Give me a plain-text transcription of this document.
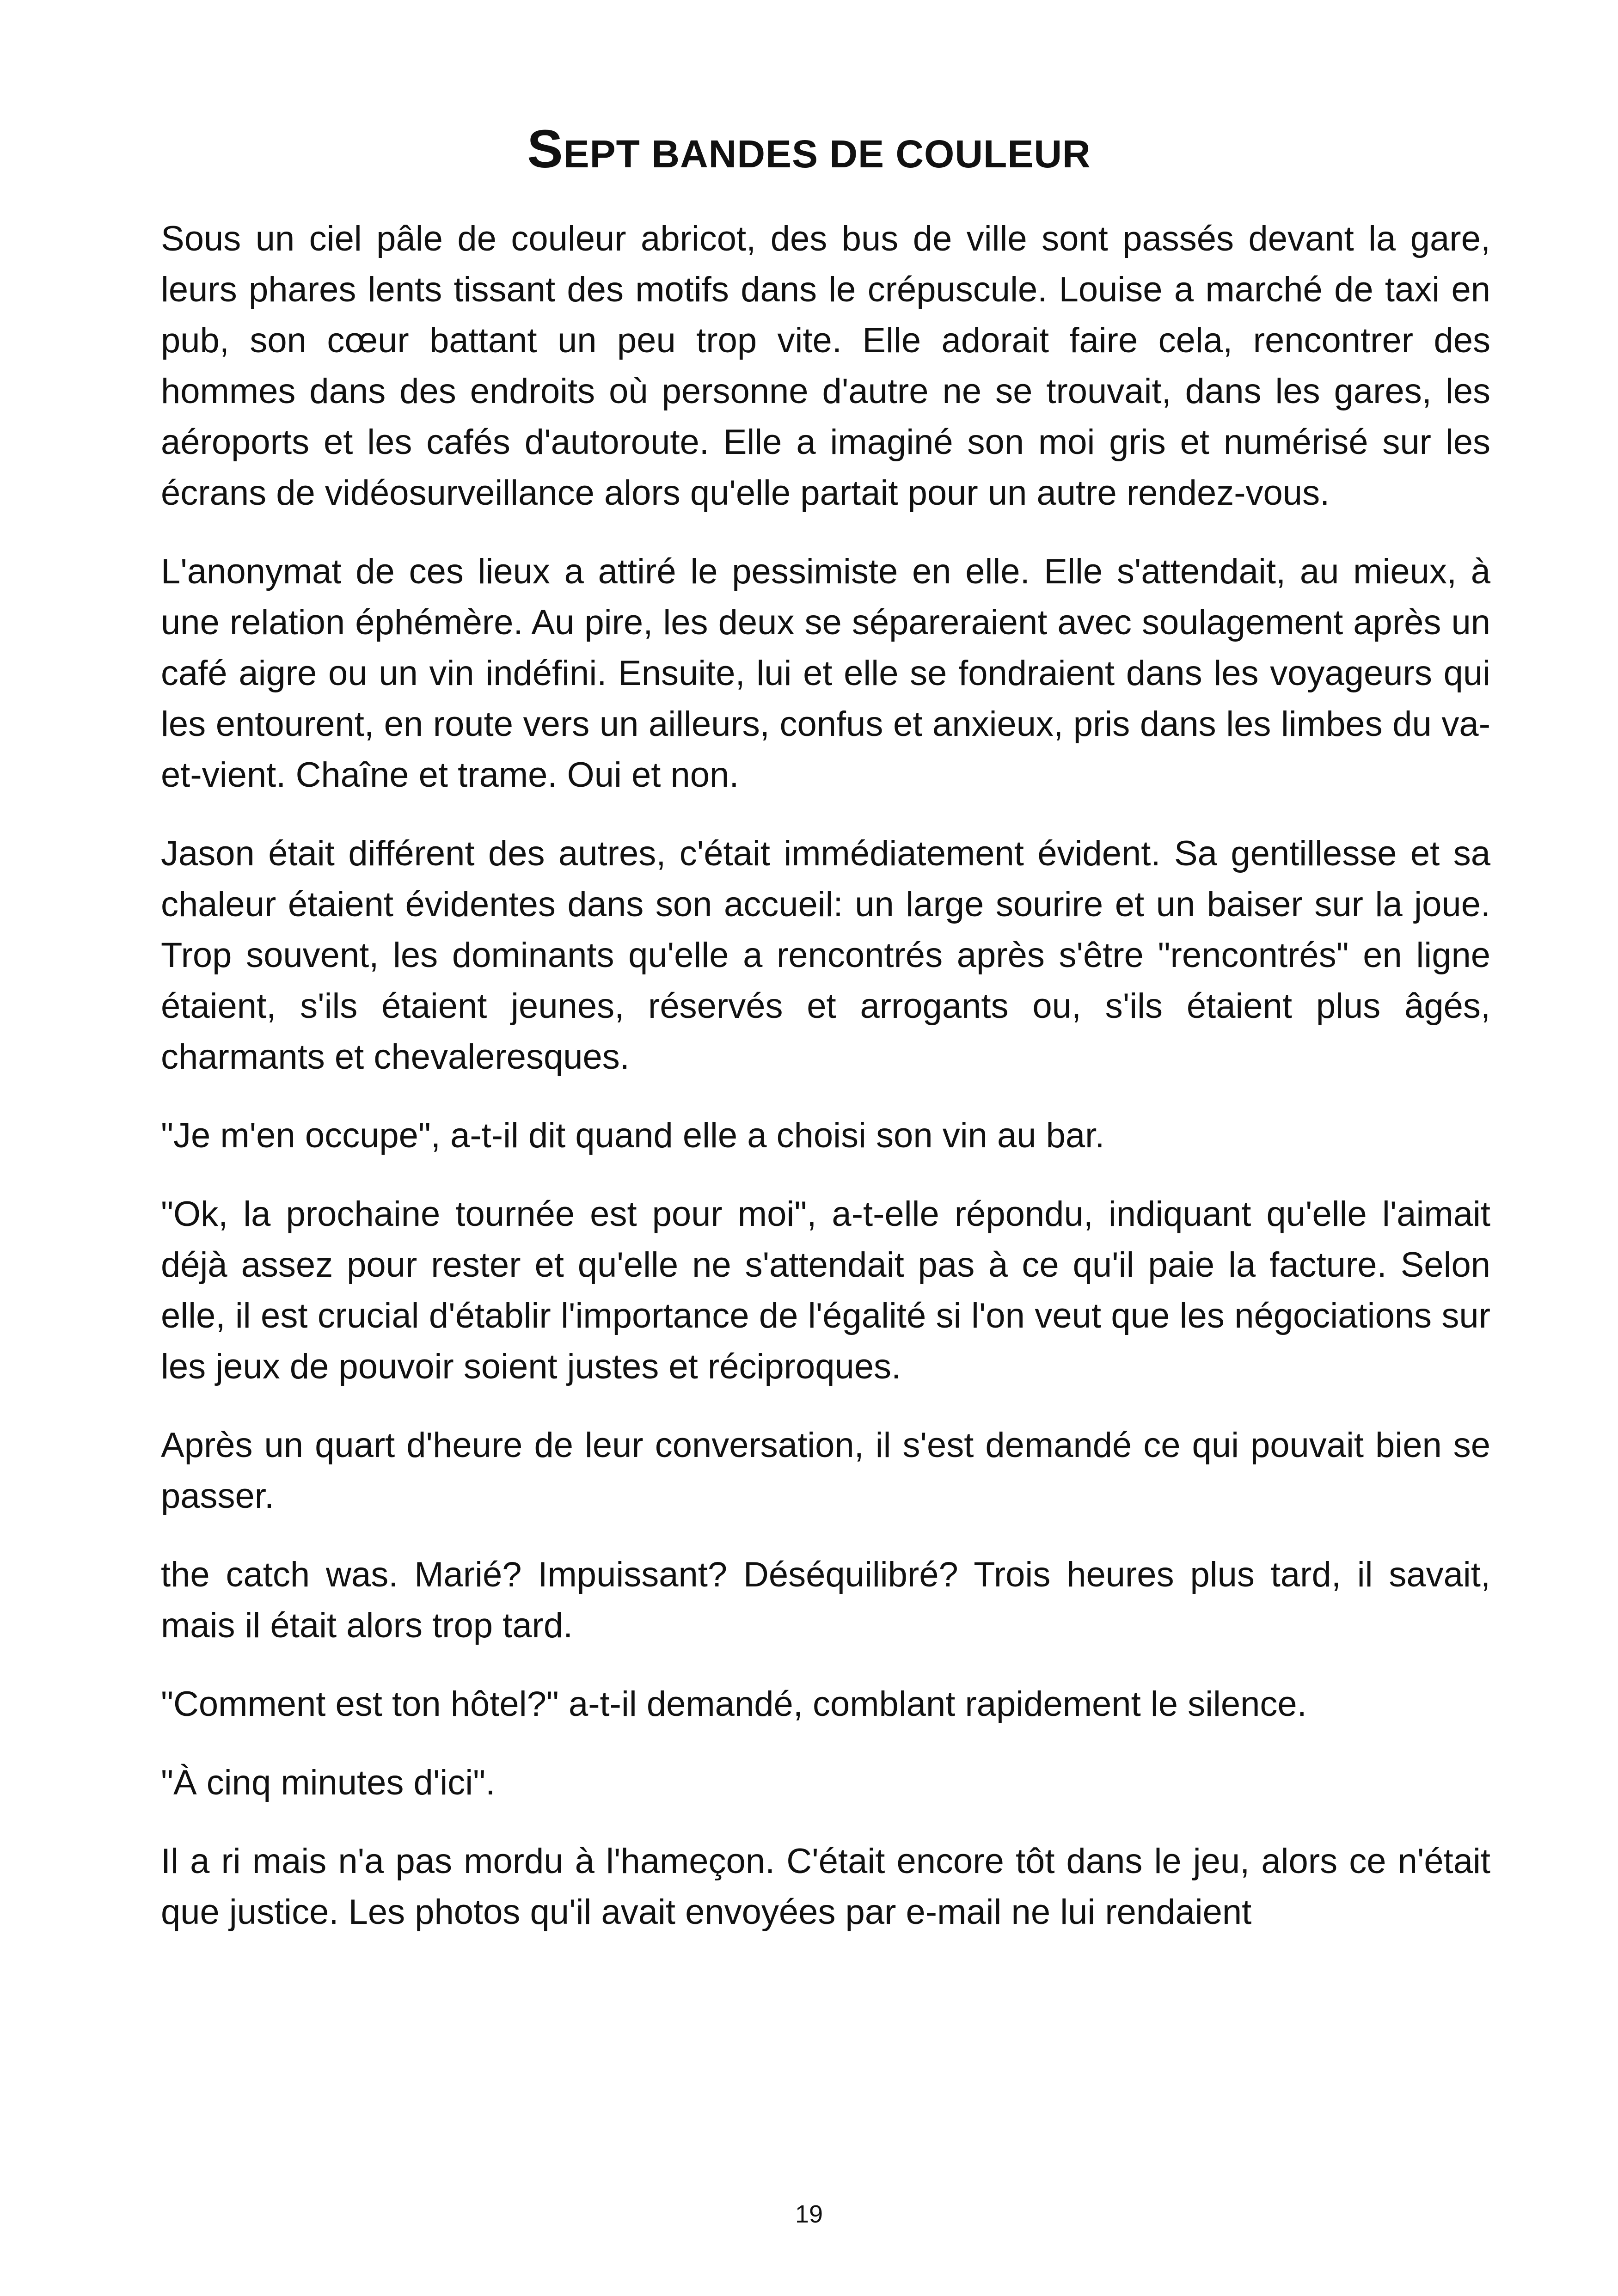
SEPT BANDES DE COULEUR

Sous un ciel pâle de couleur abricot, des bus de ville sont passés devant la gare, leurs phares lents tissant des motifs dans le crépuscule. Louise a marché de taxi en pub, son cœur battant un peu trop vite. Elle adorait faire cela, rencontrer des hommes dans des endroits où personne d'autre ne se trouvait, dans les gares, les aéroports et les cafés d'autoroute. Elle a imaginé son moi gris et numérisé sur les écrans de vidéosurveillance alors qu'elle partait pour un autre rendez-vous.

L'anonymat de ces lieux a attiré le pessimiste en elle. Elle s'attendait, au mieux, à une relation éphémère. Au pire, les deux se sépareraient avec soulagement après un café aigre ou un vin indéfini. Ensuite, lui et elle se fondraient dans les voyageurs qui les entourent, en route vers un ailleurs, confus et anxieux, pris dans les limbes du va-et-vient. Chaîne et trame. Oui et non.

Jason était différent des autres, c'était immédiatement évident. Sa gentillesse et sa chaleur étaient évidentes dans son accueil: un large sourire et un baiser sur la joue. Trop souvent, les dominants qu'elle a rencontrés après s'être "rencontrés" en ligne étaient, s'ils étaient jeunes, réservés et arrogants ou, s'ils étaient plus âgés, charmants et chevaleresques.

"Je m'en occupe", a-t-il dit quand elle a choisi son vin au bar.

"Ok, la prochaine tournée est pour moi", a-t-elle répondu, indiquant qu'elle l'aimait déjà assez pour rester et qu'elle ne s'attendait pas à ce qu'il paie la facture. Selon elle, il est crucial d'établir l'importance de l'égalité si l'on veut que les négociations sur les jeux de pouvoir soient justes et réciproques.

Après un quart d'heure de leur conversation, il s'est demandé ce qui pouvait bien se passer.

the catch was. Marié? Impuissant? Déséquilibré? Trois heures plus tard, il savait, mais il était alors trop tard.

"Comment est ton hôtel?" a-t-il demandé, comblant rapidement le silence.

"À cinq minutes d'ici".

Il a ri mais n'a pas mordu à l'hameçon. C'était encore tôt dans le jeu, alors ce n'était que justice. Les photos qu'il avait envoyées par e-mail ne lui rendaient

19
